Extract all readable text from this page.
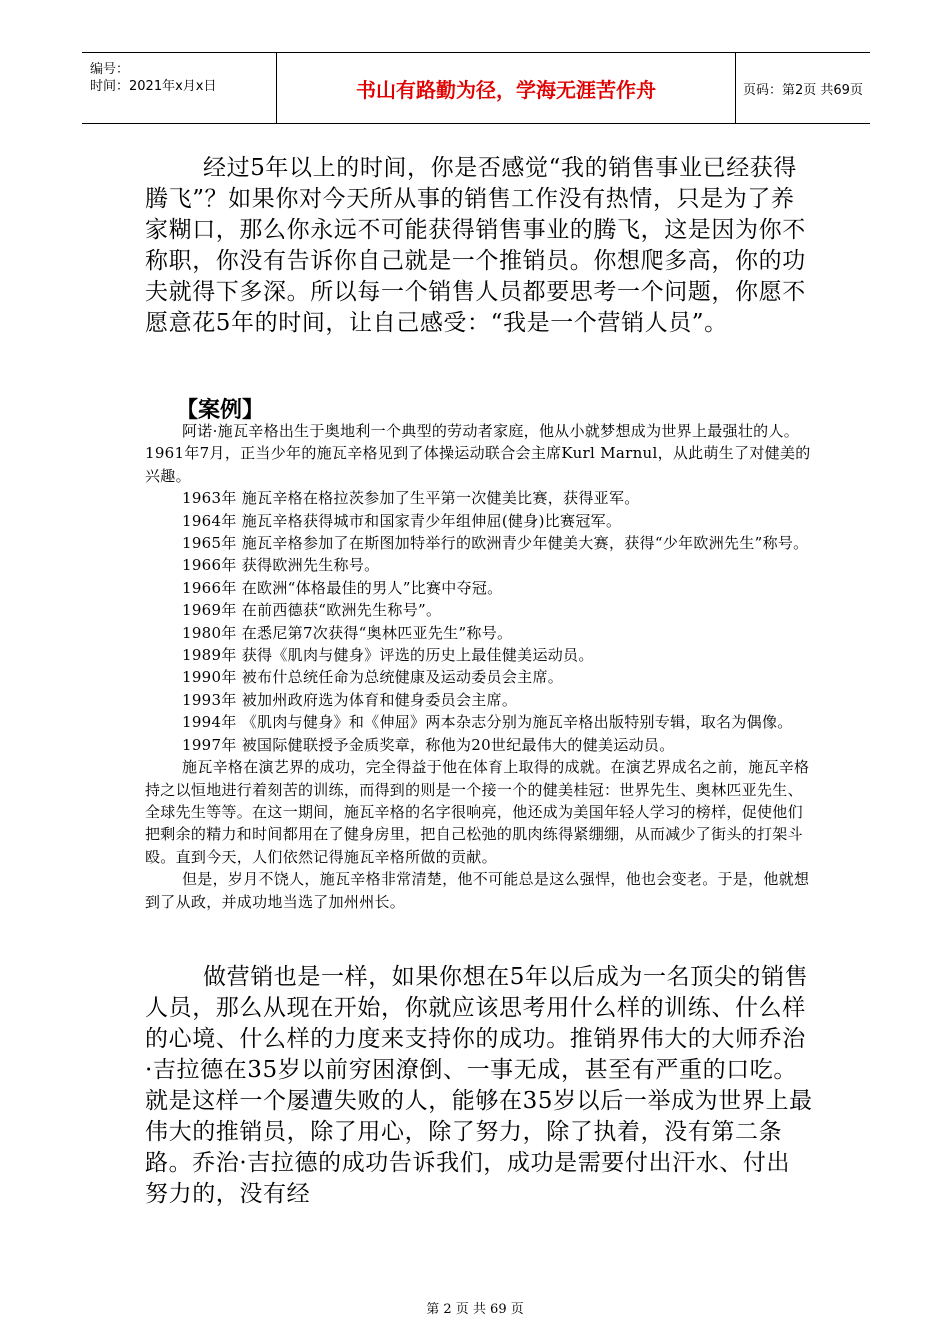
编号：
时间：2021年x月x日	书山有路勤为径，学海无涯苦作舟	页码：第2页 共69页

经过5年以上的时间，你是否感觉“我的销售事业已经获得腾飞”？如果你对今天所从事的销售工作没有热情，只是为了养家糊口，那么你永远不可能获得销售事业的腾飞，这是因为你不称职，你没有告诉你自己就是一个推销员。你想爬多高，你的功夫就得下多深。所以每一个销售人员都要思考一个问题，你愿不愿意花5年的时间，让自己感受：“我是一个营销人员”。

【案例】

阿诺·施瓦辛格出生于奥地利一个典型的劳动者家庭，他从小就梦想成为世界上最强壮的人。1961年7月，正当少年的施瓦辛格见到了体操运动联合会主席Kurl Marnul，从此萌生了对健美的兴趣。

1963年 施瓦辛格在格拉茨参加了生平第一次健美比赛，获得亚军。

1964年 施瓦辛格获得城市和国家青少年组伸屈(健身)比赛冠军。

1965年 施瓦辛格参加了在斯图加特举行的欧洲青少年健美大赛，获得“少年欧洲先生”称号。

1966年 获得欧洲先生称号。

1966年 在欧洲“体格最佳的男人”比赛中夺冠。

1969年 在前西德获“欧洲先生称号”。

1980年 在悉尼第7次获得“奥林匹亚先生”称号。

1989年 获得《肌肉与健身》评选的历史上最佳健美运动员。

1990年 被布什总统任命为总统健康及运动委员会主席。

1993年 被加州政府选为体育和健身委员会主席。

1994年 《肌肉与健身》和《伸屈》两本杂志分别为施瓦辛格出版特别专辑，取名为偶像。

1997年 被国际健联授予金质奖章，称他为20世纪最伟大的健美运动员。

施瓦辛格在演艺界的成功，完全得益于他在体育上取得的成就。在演艺界成名之前，施瓦辛格持之以恒地进行着刻苦的训练，而得到的则是一个接一个的健美桂冠：世界先生、奥林匹亚先生、全球先生等等。在这一期间，施瓦辛格的名字很响亮，他还成为美国年轻人学习的榜样，促使他们把剩余的精力和时间都用在了健身房里，把自己松弛的肌肉练得紧绷绷，从而减少了街头的打架斗殴。直到今天，人们依然记得施瓦辛格所做的贡献。

但是，岁月不饶人，施瓦辛格非常清楚，他不可能总是这么强悍，他也会变老。于是，他就想到了从政，并成功地当选了加州州长。

做营销也是一样，如果你想在5年以后成为一名顶尖的销售人员，那么从现在开始，你就应该思考用什么样的训练、什么样的心境、什么样的力度来支持你的成功。推销界伟大的大师乔治·吉拉德在35岁以前穷困潦倒、一事无成，甚至有严重的口吃。就是这样一个屡遭失败的人，能够在35岁以后一举成为世界上最伟大的推销员，除了用心，除了努力，除了执着，没有第二条路。乔治·吉拉德的成功告诉我们，成功是需要付出汗水、付出努力的，没有经

第 2 页 共 69 页
